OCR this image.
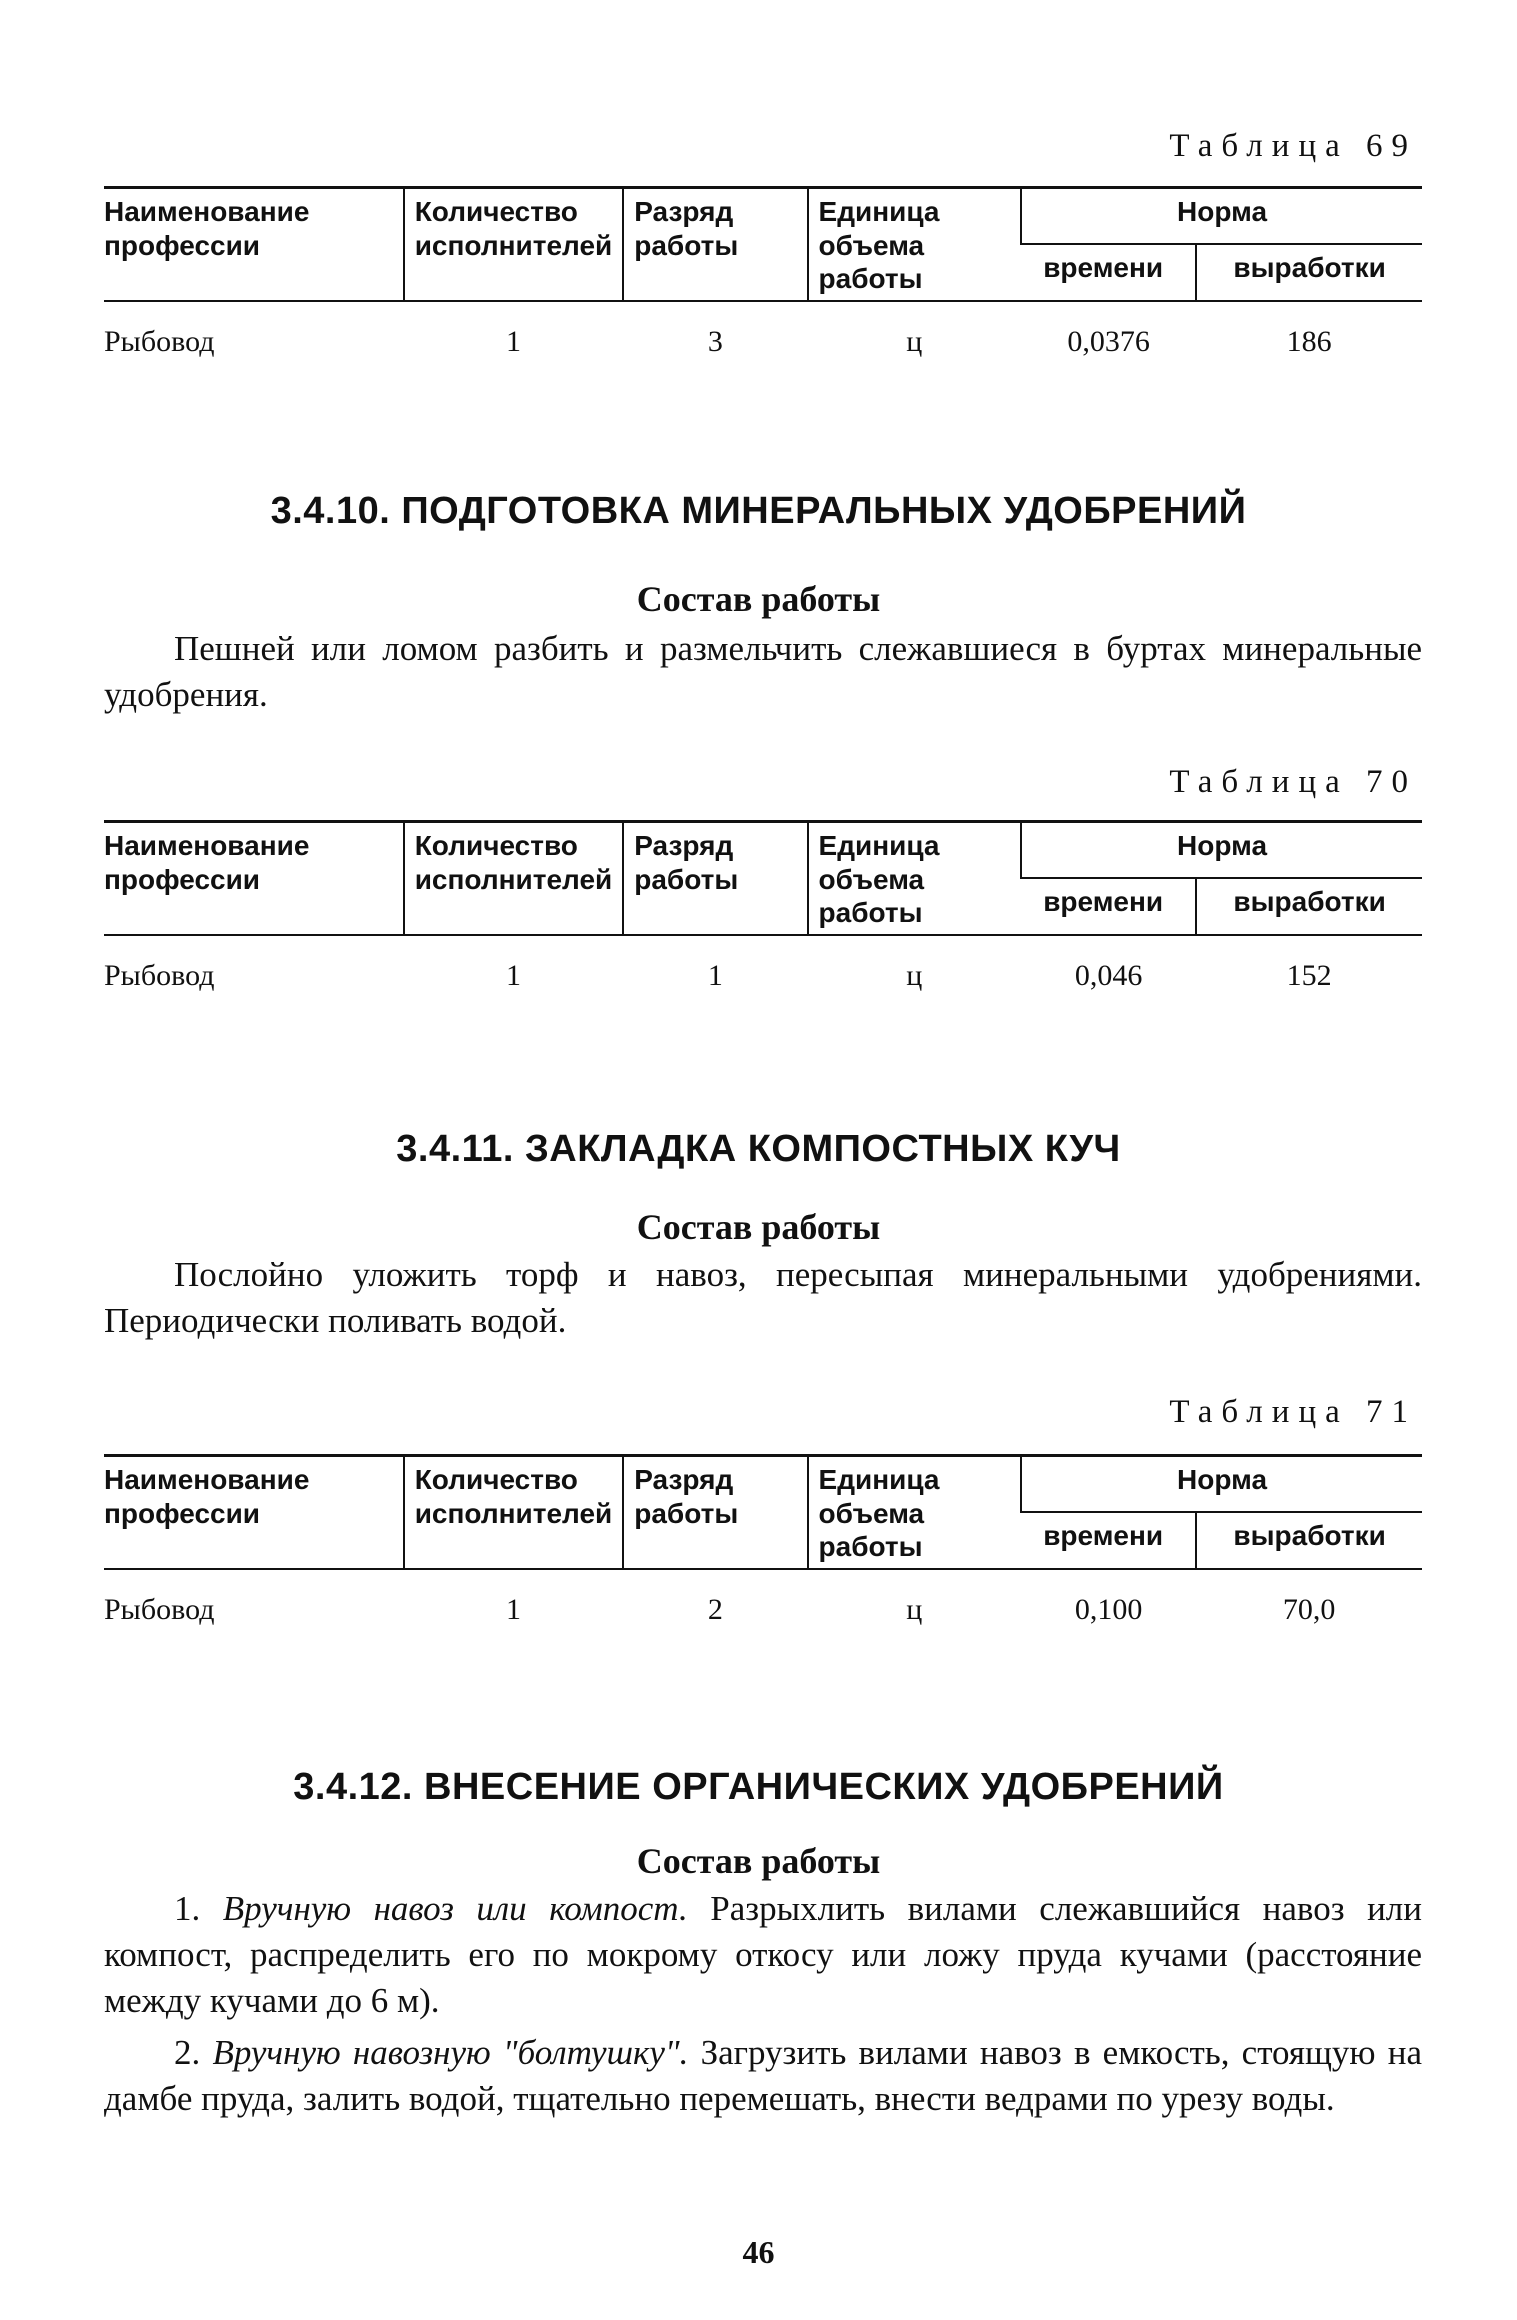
Таблица 69
Наименование профессии	Количество исполнителей	Разряд работы	Единица объема работы	Норма	
				времени	выработки
Рыбовод	1	3	ц	0,0376	186
3.4.10. ПОДГОТОВКА МИНЕРАЛЬНЫХ УДОБРЕНИЙ
Состав работы
Пешней или ломом разбить и размельчить слежавшиеся в буртах минеральные удобрения.
Таблица 70
Наименование профессии	Количество исполнителей	Разряд работы	Единица объема работы	Норма	
				времени	выработки
Рыбовод	1	1	ц	0,046	152
3.4.11. ЗАКЛАДКА КОМПОСТНЫХ КУЧ
Состав работы
Послойно уложить торф и навоз, пересыпая минеральными удобрениями. Периодически поливать водой.
Таблица 71
Наименование профессии	Количество исполнителей	Разряд работы	Единица объема работы	Норма	
				времени	выработки
Рыбовод	1	2	ц	0,100	70,0
3.4.12. ВНЕСЕНИЕ ОРГАНИЧЕСКИХ УДОБРЕНИЙ
Состав работы
1. Вручную навоз или компост. Разрыхлить вилами слежавшийся навоз или компост, распределить его по мокрому откосу или ложу пруда кучами (расстояние между кучами до 6 м).
2. Вручную навозную "болтушку". Загрузить вилами навоз в емкость, стоящую на дамбе пруда, залить водой, тщательно перемешать, внести ведрами по урезу воды.
46
